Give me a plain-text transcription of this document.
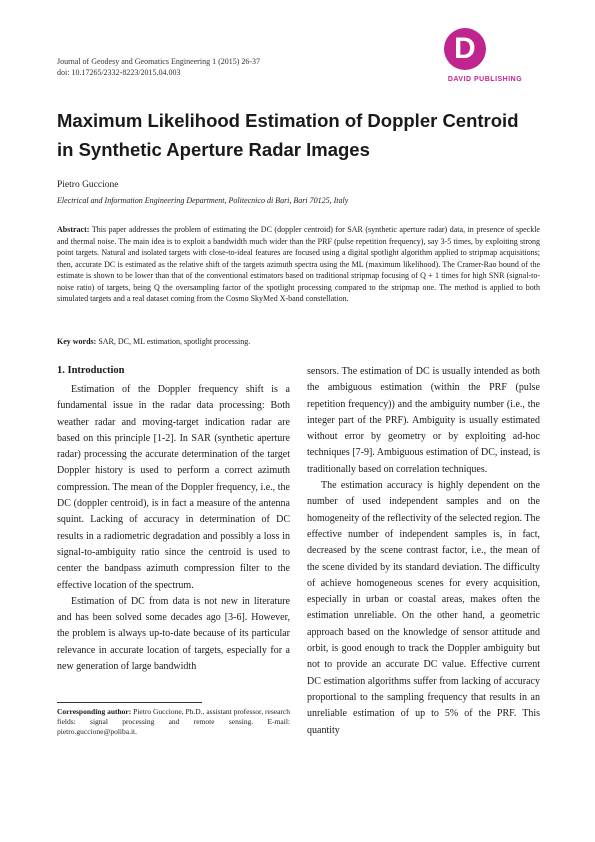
Journal of Geodesy and Geomatics Engineering 1 (2015) 26-37
doi: 10.17265/2332-8223/2015.04.003
D
DAVID PUBLISHING
Maximum Likelihood Estimation of Doppler Centroid in Synthetic Aperture Radar Images
Pietro Guccione
Electrical and Information Engineering Department, Politecnico di Bari, Bari 70125, Italy

Abstract: This paper addresses the problem of estimating the DC (doppler centroid) for SAR (synthetic aperture radar) data, in presence of speckle and thermal noise. The main idea is to exploit a bandwidth much wider than the PRF (pulse repetition frequency), say 3-5 times, by exploiting strong point targets. Natural and isolated targets with close-to-ideal features are focused using a digital spotlight algorithm applied to stripmap acquisitions; then, accurate DC is estimated as the relative shift of the targets azimuth spectra using the ML (maximum likelihood). The Cramer-Rao bound of the estimate is shown to be lower than that of the conventional estimators based on traditional stripmap focusing of Q + 1 times for high SNR (signal-to-noise ratio) of targets, being Q the oversampling factor of the spotlight processing compared to the stripmap one. The method is applied to both simulated targets and a real dataset coming from the Cosmo SkyMed X-band constellation.

Key words: SAR, DC, ML estimation, spotlight processing.

1. Introduction

Estimation of the Doppler frequency shift is a fundamental issue in the radar data processing: Both weather radar and moving-target indication radar are based on this principle [1-2]. In SAR (synthetic aperture radar) processing the accurate determination of the target Doppler history is used to perform a correct azimuth compression. The mean of the Doppler frequency, i.e., the DC (doppler centroid), is in fact a measure of the antenna squint. Lacking of accuracy in determination of DC results in a radiometric degradation and possibly a loss in signal-to-ambiguity ratio since the centroid is used to center the bandpass azimuth compression filter to the effective location of the spectrum.

Estimation of DC from data is not new in literature and has been solved some decades ago [3-6]. However, the problem is always up-to-date because of its particular relevance in accurate location of targets, especially for a new generation of large bandwidth

sensors. The estimation of DC is usually intended as both the ambiguous estimation (within the PRF (pulse repetition frequency)) and the ambiguity number (i.e., the integer part of the PRF). Ambiguity is usually estimated without error by geometry or by exploiting ad-hoc techniques [7-9]. Ambiguous estimation of DC, instead, is traditionally based on correlation techniques.

The estimation accuracy is highly dependent on the number of used independent samples and on the homogeneity of the reflectivity of the selected region. The effective number of independent samples is, in fact, decreased by the scene contrast factor, i.e., the mean of the scene divided by its standard deviation. The difficulty of achieve homogeneous scenes for every acquisition, especially in urban or coastal areas, makes often the estimation unreliable. On the other hand, a geometric approach based on the knowledge of sensor attitude and orbit, is good enough to track the Doppler ambiguity but not to provide an accurate DC value. Effective current DC estimation algorithms suffer from lacking of accuracy proportional to the sampling frequency that results in an unreliable estimation of up to 5% of the PRF. This quantity

Corresponding author: Pietro Guccione, Ph.D., assistant professor, research fields: signal processing and remote sensing. E-mail: pietro.guccione@poliba.it.
